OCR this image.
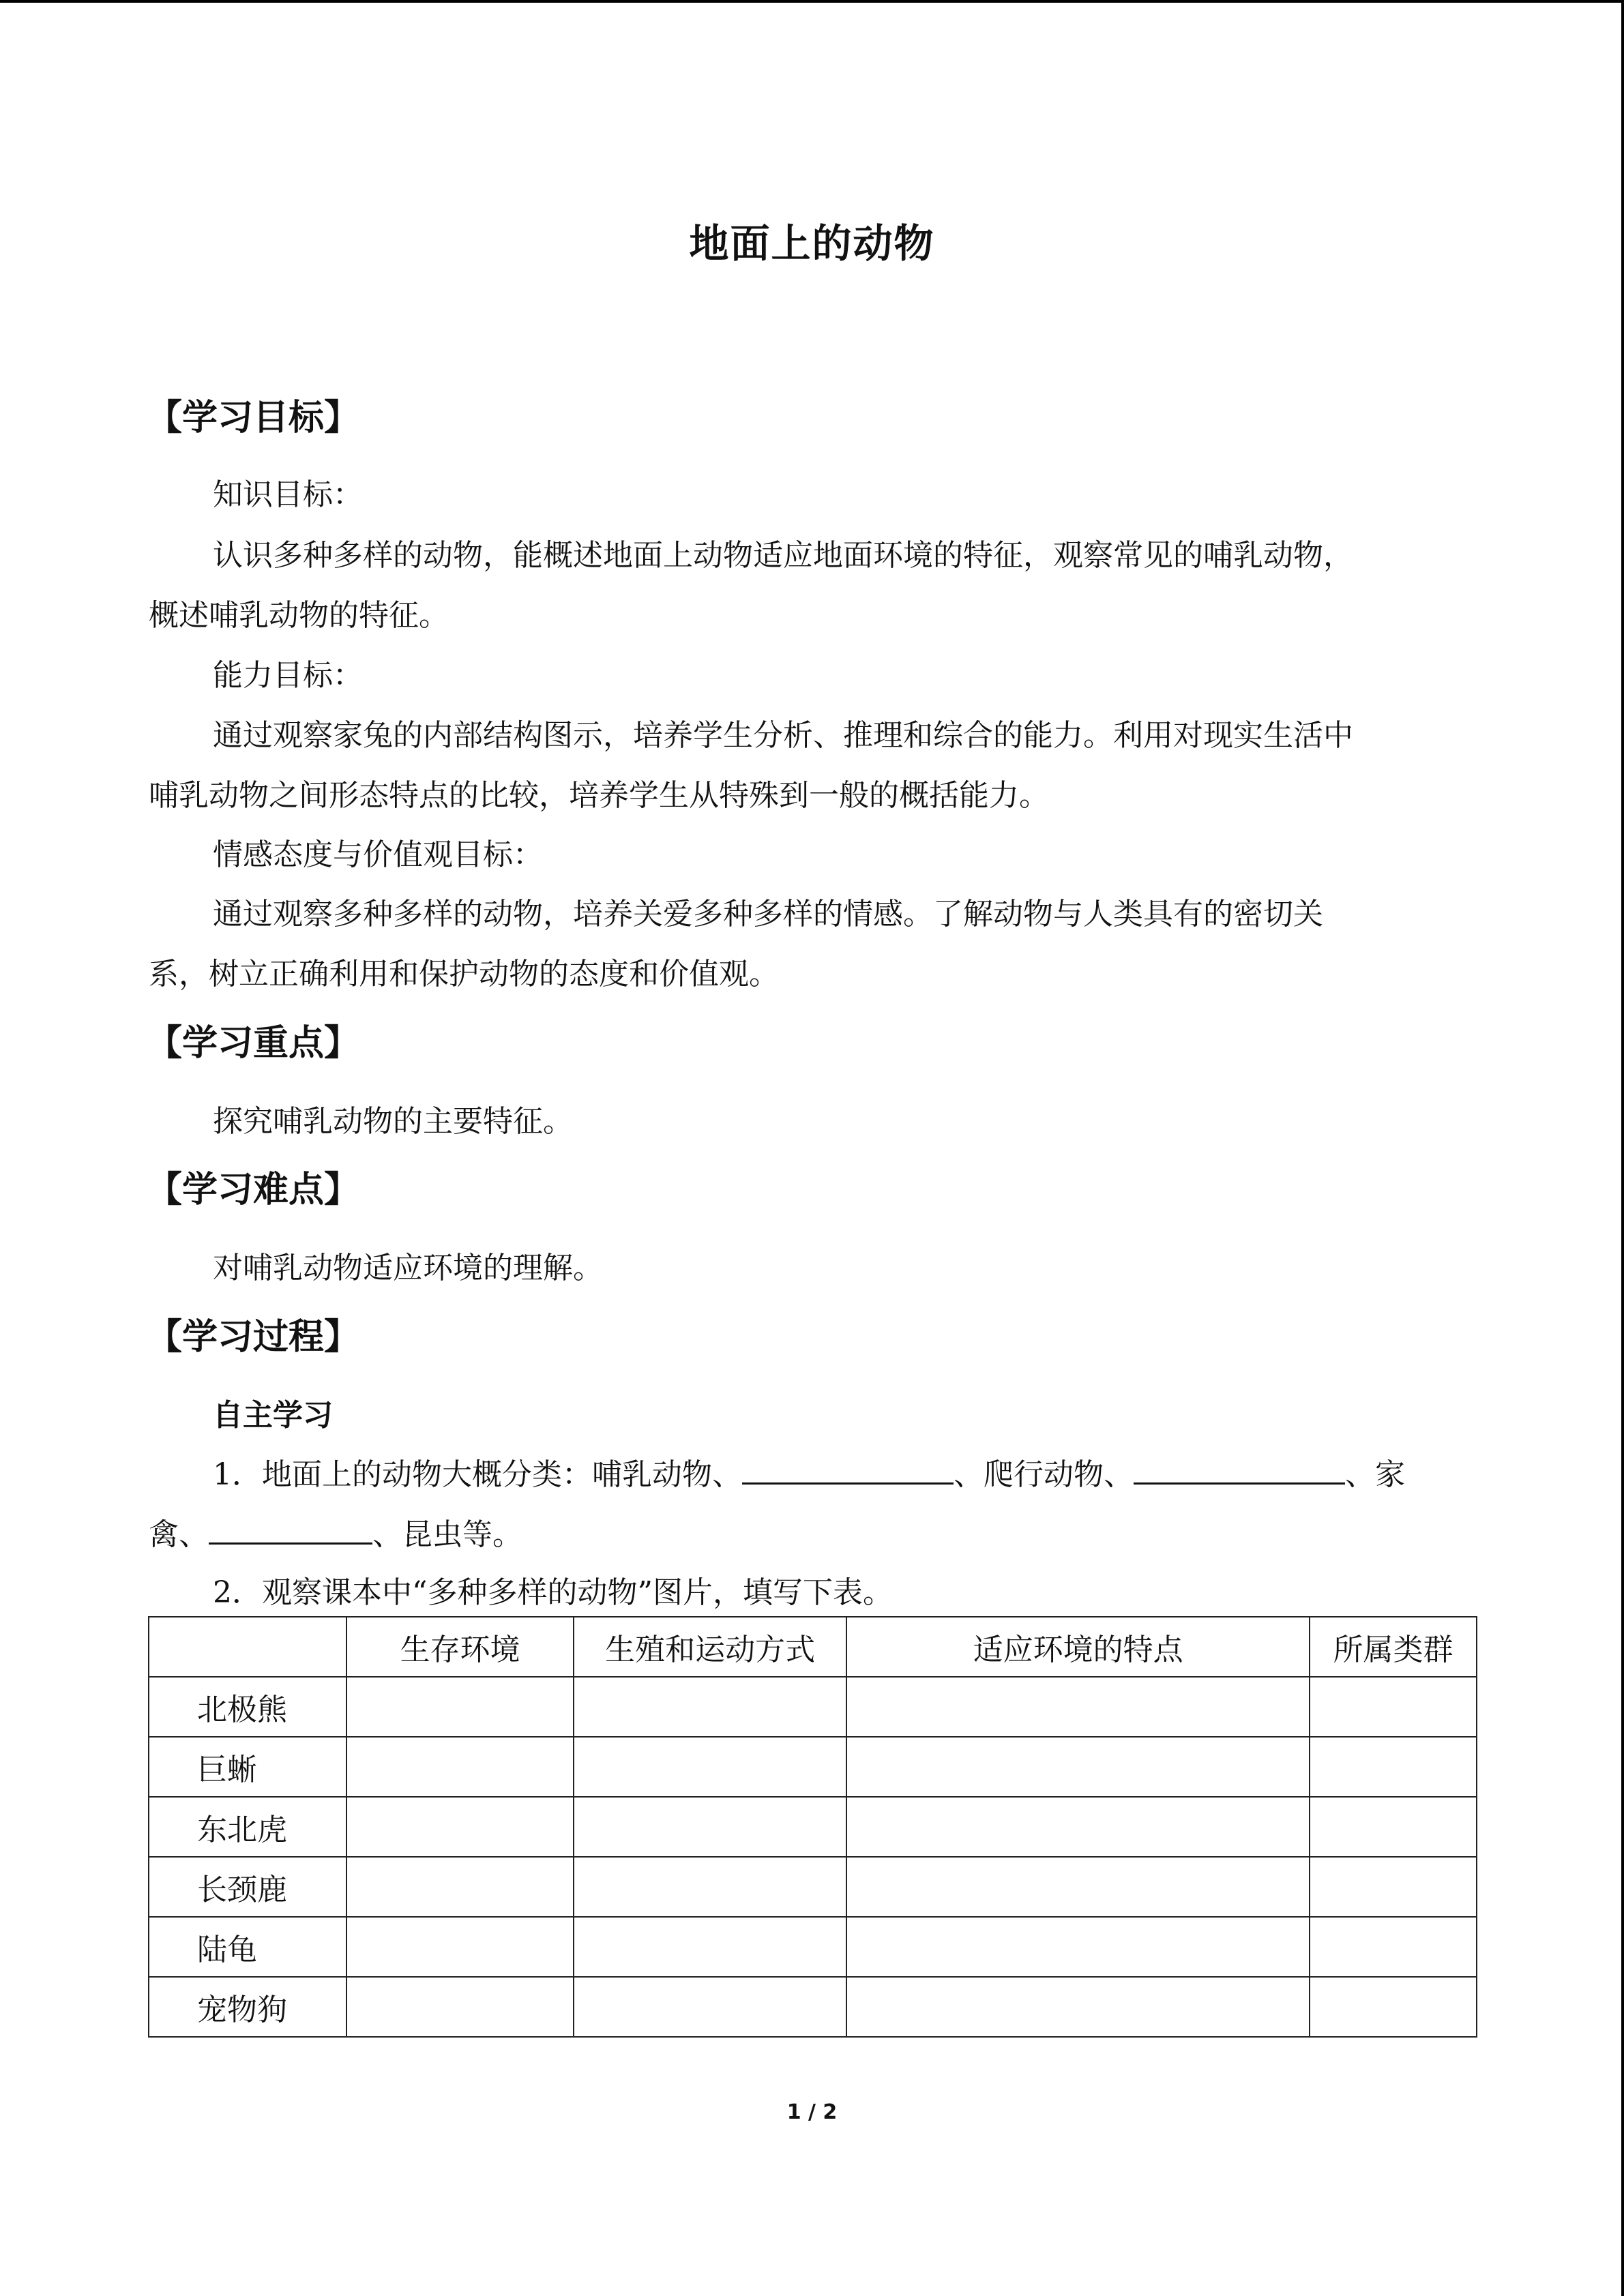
地面上的动物
【学习目标】
知识目标：
认识多种多样的动物，能概述地面上动物适应地面环境的特征，观察常见的哺乳动物，
概述哺乳动物的特征。
能力目标：
通过观察家兔的内部结构图示，培养学生分析、推理和综合的能力。利用对现实生活中
哺乳动物之间形态特点的比较，培养学生从特殊到一般的概括能力。
情感态度与价值观目标：
通过观察多种多样的动物，培养关爱多种多样的情感。了解动物与人类具有的密切关
系，树立正确利用和保护动物的态度和价值观。
【学习重点】
探究哺乳动物的主要特征。
【学习难点】
对哺乳动物适应环境的理解。
【学习过程】
自主学习
1．地面上的动物大概分类：哺乳动物、	、爬行动物、	、家
禽、	、昆虫等。
2．观察课本中“多种多样的动物”图片，填写下表。
	生存环境	生殖和运动方式	适应环境的特点	所属类群
北极熊				
巨蜥				
东北虎				
长颈鹿				
陆龟				
宠物狗				
1 / 2
